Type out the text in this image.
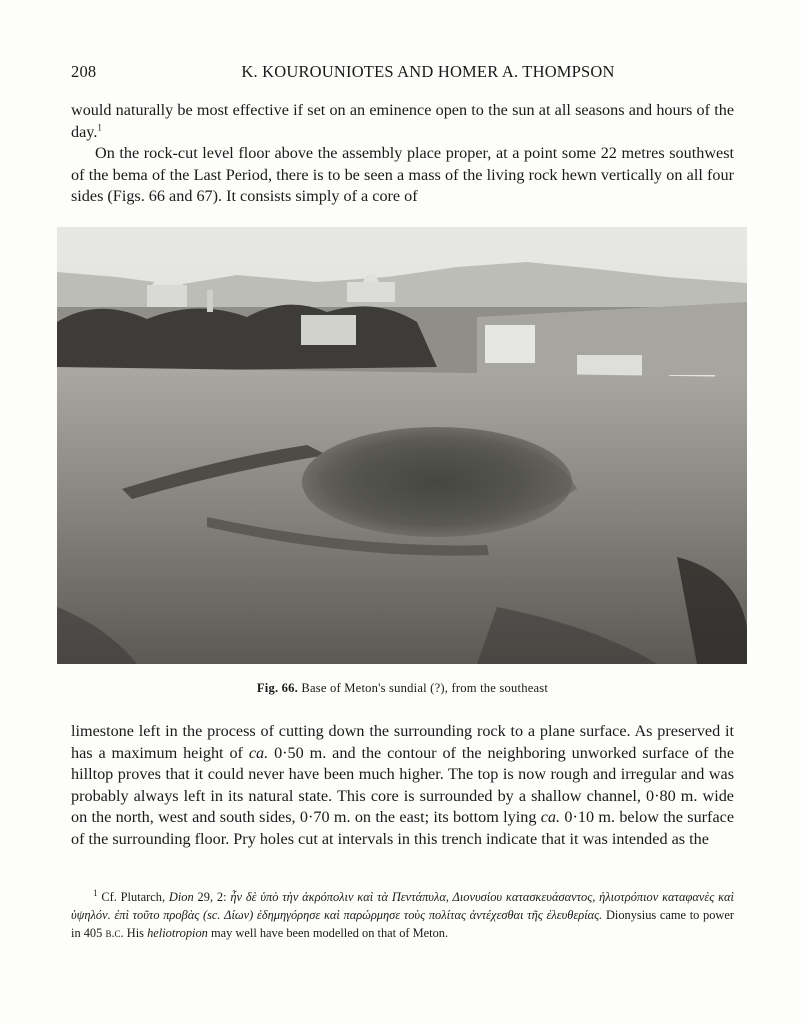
208	K. KOUROUNIOTES AND HOMER A. THOMPSON

would naturally be most effective if set on an eminence open to the sun at all seasons and hours of the day.$^1$

On the rock-cut level floor above the assembly place proper, at a point some 22 metres southwest of the bema of the Last Period, there is to be seen a mass of the living rock hewn vertically on all four sides (Figs. 66 and 67). It consists simply of a core of

Fig. 66. Base of Meton's sundial (?), from the southeast

limestone left in the process of cutting down the surrounding rock to a plane surface. As preserved it has a maximum height of ca. 0·50 m. and the contour of the neighboring unworked surface of the hilltop proves that it could never have been much higher. The top is now rough and irregular and was probably always left in its natural state. This core is surrounded by a shallow channel, 0·80 m. wide on the north, west and south sides, 0·70 m. on the east; its bottom lying ca. 0·10 m. below the surface of the surrounding floor. Pry holes cut at intervals in this trench indicate that it was intended as the

$^1$ Cf. Plutarch, Dion 29, 2: ἦν δὲ ὑπὸ τὴν ἀκρόπολιν καὶ τὰ Πεντάπυλα, Διονυσίου κατασκευάσαντος, ἡλιοτρόπιον καταφανὲς καὶ ὑψηλόν. ἐπὶ τοῦτο προβὰς (sc. Δίων) ἐδημηγόρησε καὶ παρώρμησε τοὺς πολίτας ἀντέχεσθαι τῆς ἐλευθερίας. Dionysius came to power in 405 b.c. His heliotropion may well have been modelled on that of Meton.
